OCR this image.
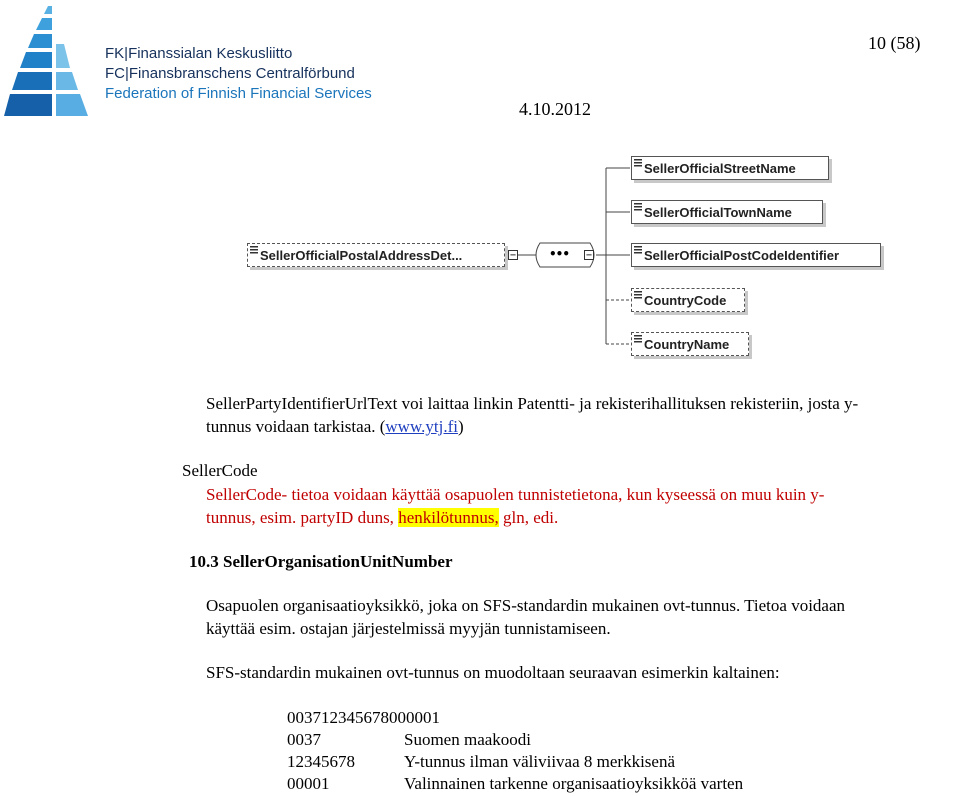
FK|Finanssialan Keskusliitto
FC|Finansbranschens Centralförbund
Federation of Finnish Financial Services
10 (58)
4.10.2012
SellerOfficialPostalAddressDet...	−	••• −
SellerOfficialStreetName
SellerOfficialTownName
SellerOfficialPostCodeIdentifier
CountryCode
CountryName
SellerPartyIdentifierUrlText voi laittaa linkin Patentti- ja rekisterihallituksen rekisteriin, josta y-
tunnus voidaan tarkistaa. (www.ytj.fi)
SellerCode
SellerCode- tietoa voidaan käyttää osapuolen tunnistetietona, kun kyseessä on muu kuin y-
tunnus, esim. partyID duns, henkilötunnus, gln, edi.
10.3 SellerOrganisationUnitNumber
Osapuolen organisaatioyksikkö, joka on SFS-standardin mukainen ovt-tunnus. Tietoa voidaan
käyttää esim. ostajan järjestelmissä myyjän tunnistamiseen.
SFS-standardin mukainen ovt-tunnus on muodoltaan seuraavan esimerkin kaltainen:
003712345678000001
0037	Suomen maakoodi
12345678	Y-tunnus ilman väliviivaa 8 merkkisenä
00001	Valinnainen tarkenne organisaatioyksikköä varten
